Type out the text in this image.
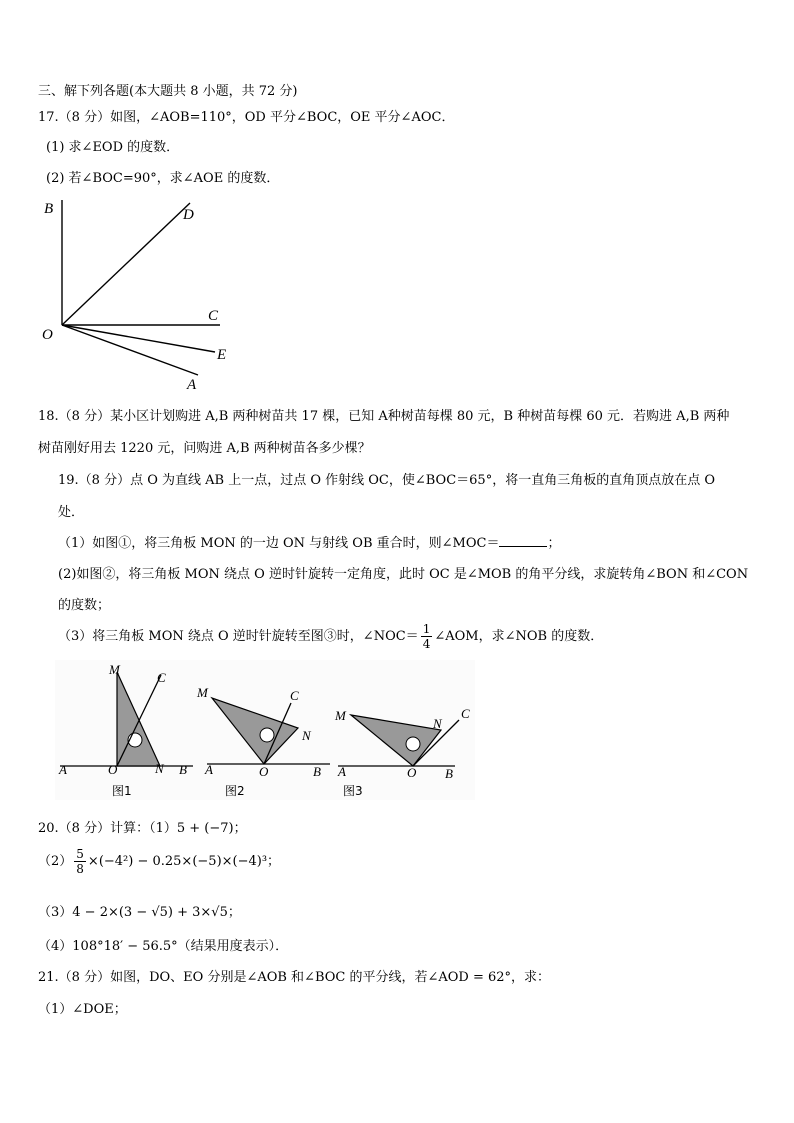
三、解下列各题(本大题共 8 小题，共 72 分)
17.（8 分）如图，∠AOB=110°，OD 平分∠BOC，OE 平分∠AOC．
(1) 求∠EOD 的度数．
(2) 若∠BOC=90°，求∠AOE 的度数．
B	D
C
O
E
A
18.（8 分）某小区计划购进 A,B 两种树苗共 17 棵，已知 A种树苗每棵 80 元，B 种树苗每棵 60 元．若购进 A,B 两种
树苗刚好用去 1220 元，问购进 A,B 两种树苗各多少棵？
19.（8 分）点 O 为直线 AB 上一点，过点 O 作射线 OC，使∠BOC＝65°，将一直角三角板的直角顶点放在点 O
处．
（1）如图①，将三角板 MON 的一边 ON 与射线 OB 重合时，则∠MOC＝	；
(2)如图②，将三角板 MON 绕点 O 逆时针旋转一定角度，此时 OC 是∠MOB 的角平分线，求旋转角∠BON 和∠CON
的度数；
（3）将三角板 MON 绕点 O 逆时针旋转至图③时，∠NOC＝ $\frac{1}{4}$ ∠AOM，求∠NOB 的度数．
M
C
A	O	N B
图1
M	C
N
A	O	B
图2
M
N
C
A	O B
图3
20.（8 分）计算：（1）5 + (−7)；
$(2) \frac{5}{8} \times(-4^2) - 0.25\times(-5)\times(-4)^3$；
（3）4 − 2×(3 − √5) + 3×√5；
（4）108°18′ − 56.5°（结果用度表示）．
21.（8 分）如图，DO、EO 分别是∠AOB 和∠BOC 的平分线，若∠AOD = 62°，求：
（1）∠DOE；
